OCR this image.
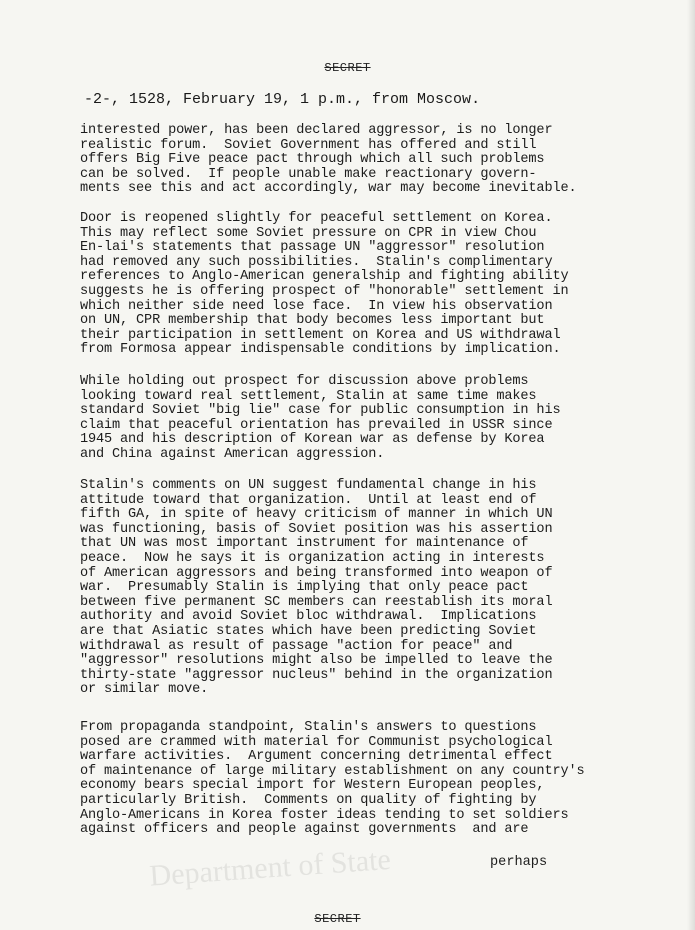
SECRET
-2-, 1528, February 19, 1 p.m., from Moscow.
interested power, has been declared aggressor, is no longer
realistic forum.  Soviet Government has offered and still
offers Big Five peace pact through which all such problems
can be solved.  If people unable make reactionary govern-
ments see this and act accordingly, war may become inevitable.
Door is reopened slightly for peaceful settlement on Korea.
This may reflect some Soviet pressure on CPR in view Chou
En-lai's statements that passage UN "aggressor" resolution
had removed any such possibilities.  Stalin's complimentary
references to Anglo-American generalship and fighting ability
suggests he is offering prospect of "honorable" settlement in
which neither side need lose face.  In view his observation
on UN, CPR membership that body becomes less important but
their participation in settlement on Korea and US withdrawal
from Formosa appear indispensable conditions by implication.
While holding out prospect for discussion above problems
looking toward real settlement, Stalin at same time makes
standard Soviet "big lie" case for public consumption in his
claim that peaceful orientation has prevailed in USSR since
1945 and his description of Korean war as defense by Korea
and China against American aggression.
Stalin's comments on UN suggest fundamental change in his
attitude toward that organization.  Until at least end of
fifth GA, in spite of heavy criticism of manner in which UN
was functioning, basis of Soviet position was his assertion
that UN was most important instrument for maintenance of
peace.  Now he says it is organization acting in interests
of American aggressors and being transformed into weapon of
war.  Presumably Stalin is implying that only peace pact
between five permanent SC members can reestablish its moral
authority and avoid Soviet bloc withdrawal.  Implications
are that Asiatic states which have been predicting Soviet
withdrawal as result of passage "action for peace" and
"aggressor" resolutions might also be impelled to leave the
thirty-state "aggressor nucleus" behind in the organization
or similar move.
From propaganda standpoint, Stalin's answers to questions
posed are crammed with material for Communist psychological
warfare activities.  Argument concerning detrimental effect
of maintenance of large military establishment on any country's
economy bears special import for Western European peoples,
particularly British.  Comments on quality of fighting by
Anglo-Americans in Korea foster ideas tending to set soldiers
against officers and people against governments  and are
Department of State	perhaps
SECRET
